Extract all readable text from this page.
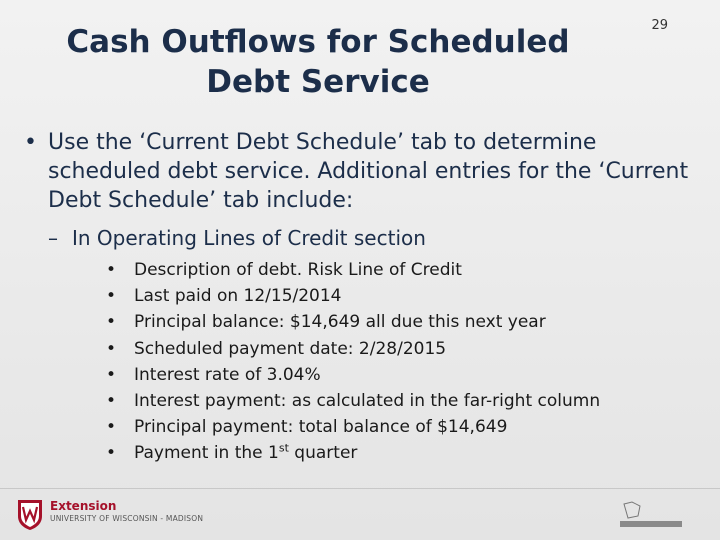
29
Cash Outflows for Scheduled Debt Service
• Use the ‘Current Debt Schedule’ tab to determine scheduled debt service. Additional entries for the ‘Current Debt Schedule’ tab include:
– In Operating Lines of Credit section
•	Description of debt. Risk Line of Credit
•	Last paid on 12/15/2014
•	Principal balance: $14,649 all due this next year
•	Scheduled payment date: 2/28/2015
•	Interest rate of 3.04%
•	Interest payment: as calculated in the far-right column
•	Principal payment: total balance of $14,649
•	Payment in the 1st quarter
Extension
UNIVERSITY OF WISCONSIN - MADISON
